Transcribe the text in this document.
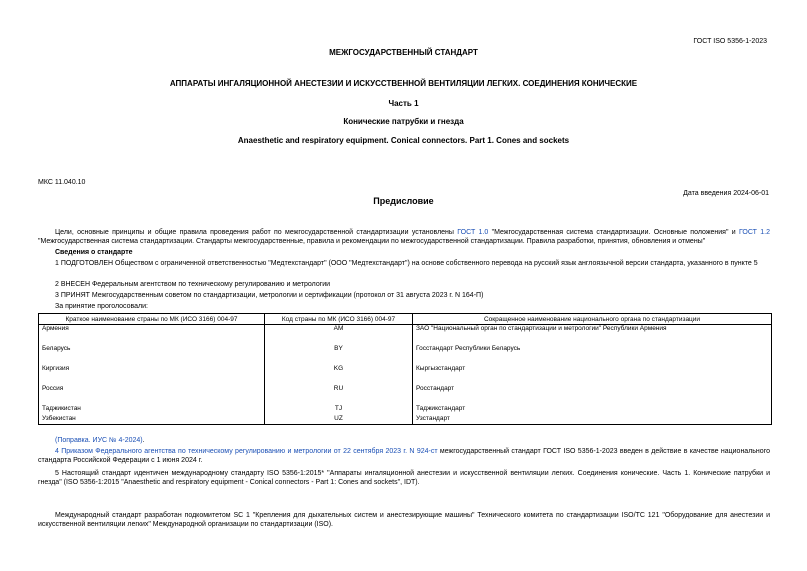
ГОСТ ISO 5356-1-2023
МЕЖГОСУДАРСТВЕННЫЙ СТАНДАРТ
АППАРАТЫ ИНГАЛЯЦИОННОЙ АНЕСТЕЗИИ И ИСКУССТВЕННОЙ ВЕНТИЛЯЦИИ ЛЕГКИХ. СОЕДИНЕНИЯ КОНИЧЕСКИЕ
Часть 1
Конические патрубки и гнезда
Anaesthetic and respiratory equipment. Conical connectors. Part 1. Cones and sockets
МКС 11.040.10
Дата введения 2024-06-01
Предисловие
Цели, основные принципы и общие правила проведения работ по межгосударственной стандартизации установлены ГОСТ 1.0 "Межгосударственная система стандартизации. Основные положения" и ГОСТ 1.2 "Межгосударственная система стандартизации. Стандарты межгосударственные, правила и рекомендации по межгосударственной стандартизации. Правила разработки, принятия, обновления и отмены"
Сведения о стандарте
1 ПОДГОТОВЛЕН Обществом с ограниченной ответственностью "Медтехстандарт" (ООО "Медтехстандарт") на основе собственного перевода на русский язык англоязычной версии стандарта, указанного в пункте 5
2 ВНЕСЕН Федеральным агентством по техническому регулированию и метрологии
3 ПРИНЯТ Межгосударственным советом по стандартизации, метрологии и сертификации (протокол от 31 августа 2023 г. N 164-П)
За принятие проголосовали:
Краткое наименование страны по МК (ИСО 3166) 004-97	Код страны по МК (ИСО 3166) 004-97	Сокращенное наименование национального органа по стандартизации
Армения	AM	ЗАО "Национальный орган по стандартизации и метрологии" Республики Армения
Беларусь	BY	Госстандарт Республики Беларусь
Киргизия	KG	Кыргызстандарт
Россия	RU	Росстандарт
Таджикистан	TJ	Таджикстандарт
Узбекистан	UZ	Узстандарт
(Поправка. ИУС № 4-2024).
4 Приказом Федерального агентства по техническому регулированию и метрологии от 22 сентября 2023 г. N 924-ст межгосударственный стандарт ГОСТ ISO 5356-1-2023 введен в действие в качестве национального стандарта Российской Федерации с 1 июня 2024 г.
5 Настоящий стандарт идентичен международному стандарту ISO 5356-1:2015* "Аппараты ингаляционной анестезии и искусственной вентиляции легких. Соединения конические. Часть 1. Конические патрубки и гнезда" (ISO 5356-1:2015 "Anaesthetic and respiratory equipment - Conical connectors - Part 1: Cones and sockets", IDT).
Международный стандарт разработан подкомитетом SC 1 "Крепления для дыхательных систем и анестезирующие машины" Технического комитета по стандартизации ISO/TC 121 "Оборудование для анестезии и искусственной вентиляции легких" Международной организации по стандартизации (ISO).
